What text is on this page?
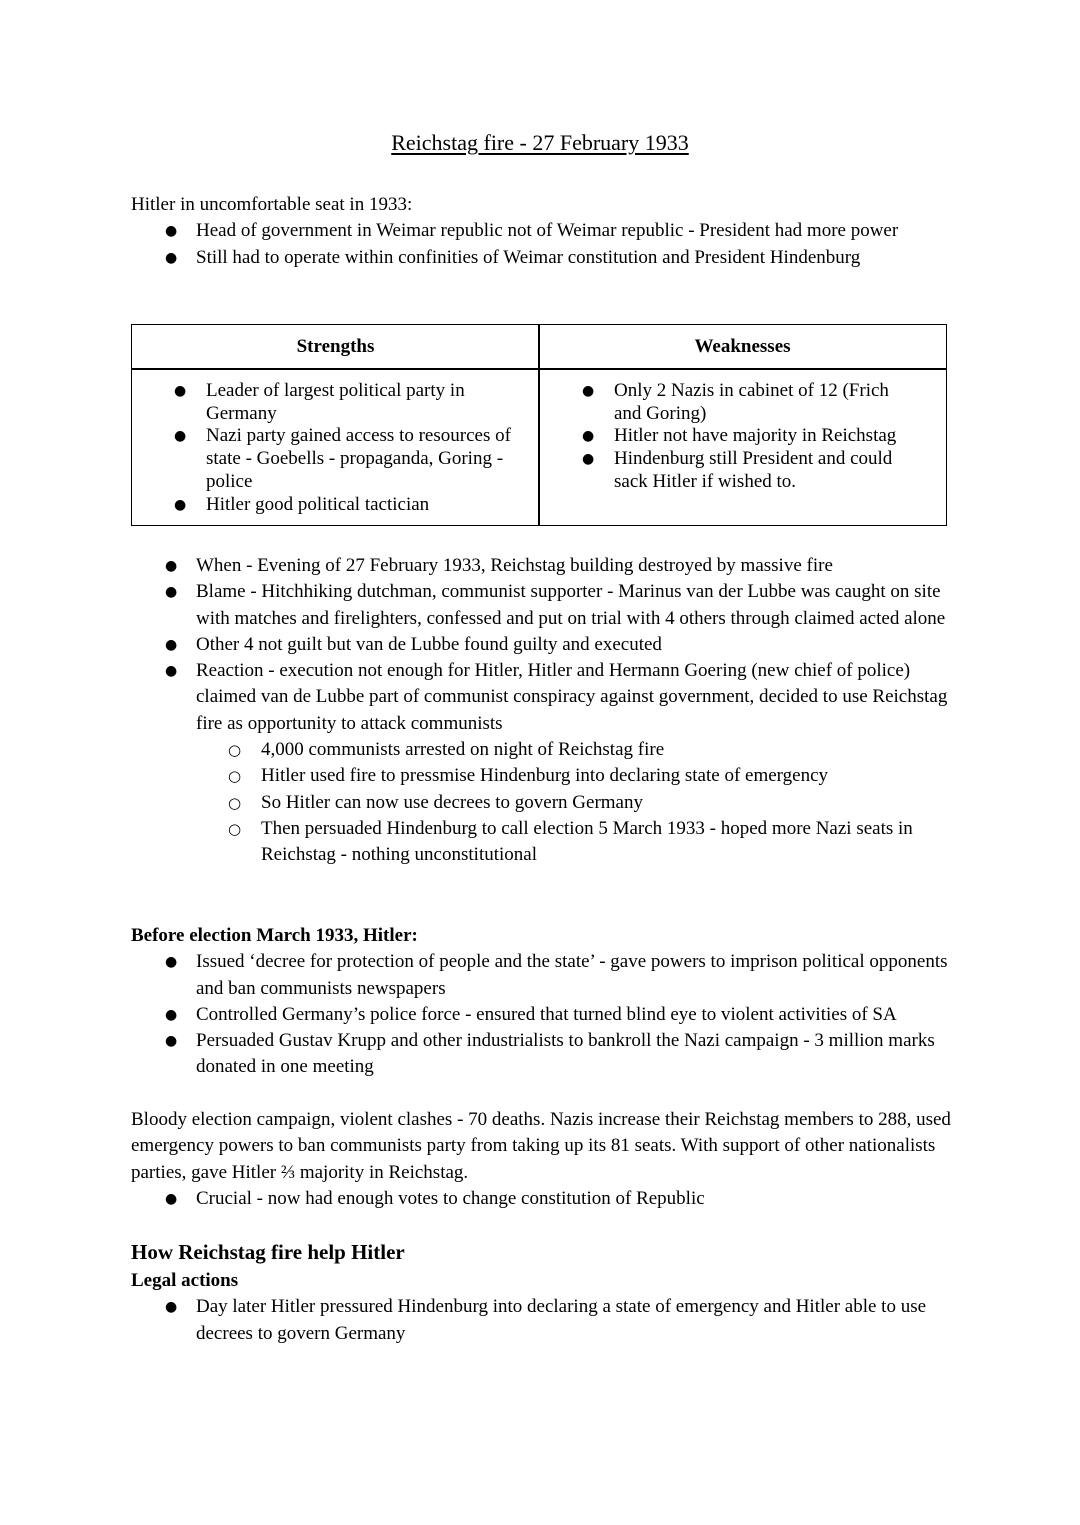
Reichstag fire - 27 February 1933
Hitler in uncomfortable seat in 1933:
● Head of government in Weimar republic not of Weimar republic - President had more power
● Still had to operate within confinities of Weimar constitution and President Hindenburg
Strengths	Weaknesses
● Leader of largest political party in Germany
● Nazi party gained access to resources of state - Goebells - propaganda, Goring - police
● Hitler good political tactician
● Only 2 Nazis in cabinet of 12 (Frich and Goring)
● Hitler not have majority in Reichstag
● Hindenburg still President and could sack Hitler if wished to.
● When - Evening of 27 February 1933, Reichstag building destroyed by massive fire
● Blame - Hitchhiking dutchman, communist supporter - Marinus van der Lubbe was caught on site with matches and firelighters, confessed and put on trial with 4 others through claimed acted alone
● Other 4 not guilt but van de Lubbe found guilty and executed
● Reaction - execution not enough for Hitler, Hitler and Hermann Goering (new chief of police) claimed van de Lubbe part of communist conspiracy against government, decided to use Reichstag fire as opportunity to attack communists
○ 4,000 communists arrested on night of Reichstag fire
○ Hitler used fire to pressmise Hindenburg into declaring state of emergency
○ So Hitler can now use decrees to govern Germany
○ Then persuaded Hindenburg to call election 5 March 1933 - hoped more Nazi seats in Reichstag - nothing unconstitutional
Before election March 1933, Hitler:
● Issued ‘decree for protection of people and the state’ - gave powers to imprison political opponents and ban communists newspapers
● Controlled Germany’s police force - ensured that turned blind eye to violent activities of SA
● Persuaded Gustav Krupp and other industrialists to bankroll the Nazi campaign - 3 million marks donated in one meeting
Bloody election campaign, violent clashes - 70 deaths. Nazis increase their Reichstag members to 288, used emergency powers to ban communists party from taking up its 81 seats. With support of other nationalists parties, gave Hitler ⅔ majority in Reichstag.
● Crucial - now had enough votes to change constitution of Republic
How Reichstag fire help Hitler
Legal actions
● Day later Hitler pressured Hindenburg into declaring a state of emergency and Hitler able to use decrees to govern Germany
